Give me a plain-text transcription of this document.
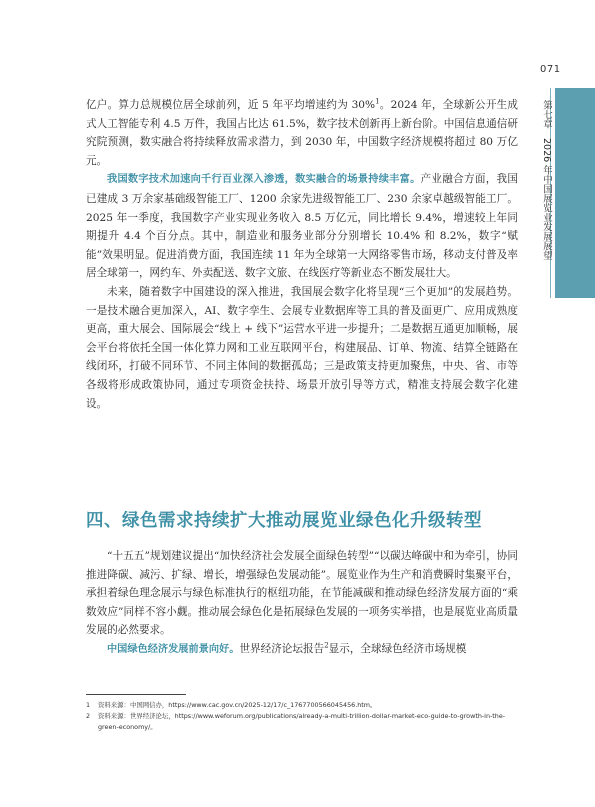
071
第七章　2026 年中国展览业发展展望

亿户。算力总规模位居全球前列，近 5 年平均增速约为 30%$^1$。2024 年，全球新公开生成式人工智能专利 4.5 万件，我国占比达 61.5%，数字技术创新再上新台阶。中国信息通信研究院预测，数实融合将持续释放需求潜力，到 2030 年，中国数字经济规模将超过 80 万亿元。

我国数字技术加速向千行百业深入渗透，数实融合的场景持续丰富。产业融合方面，我国已建成 3 万余家基础级智能工厂、1200 余家先进级智能工厂、230 余家卓越级智能工厂。2025 年一季度，我国数字产业实现业务收入 8.5 万亿元，同比增长 9.4%，增速较上年同期提升 4.4 个百分点。其中，制造业和服务业部分分别增长 10.4% 和 8.2%，数字“赋能”效果明显。促进消费方面，我国连续 11 年为全球第一大网络零售市场，移动支付普及率居全球第一，网约车、外卖配送、数字文旅、在线医疗等新业态不断发展壮大。

未来，随着数字中国建设的深入推进，我国展会数字化将呈现“三个更加”的发展趋势。一是技术融合更加深入，AI、数字孪生、会展专业数据库等工具的普及面更广、应用成熟度更高，重大展会、国际展会“线上 + 线下”运营水平进一步提升；二是数据互通更加顺畅，展会平台将依托全国一体化算力网和工业互联网平台，构建展品、订单、物流、结算全链路在线闭环，打破不同环节、不同主体间的数据孤岛；三是政策支持更加聚焦，中央、省、市等各级将形成政策协同，通过专项资金扶持、场景开放引导等方式，精准支持展会数字化建设。

四、绿色需求持续扩大推动展览业绿色化升级转型

“十五五”规划建议提出“加快经济社会发展全面绿色转型”“以碳达峰碳中和为牵引，协同推进降碳、减污、扩绿、增长，增强绿色发展动能”。展览业作为生产和消费瞬时集聚平台，承担着绿色理念展示与绿色标准执行的枢纽功能，在节能减碳和推动绿色经济发展方面的“乘数效应”同样不容小觑。推动展会绿色化是拓展绿色发展的一项务实举措，也是展览业高质量发展的必然要求。

中国绿色经济发展前景向好。世界经济论坛报告$^2$显示，全球绿色经济市场规模

1 资料来源：中国网信办，https://www.cac.gov.cn/2025-12/17/c_1767700566045456.htm。

2 资料来源：世界经济论坛，https://www.weforum.org/publications/already-a-multi-trillion-dollar-market-eco-guide-to-growth-in-the-green-economy/。
